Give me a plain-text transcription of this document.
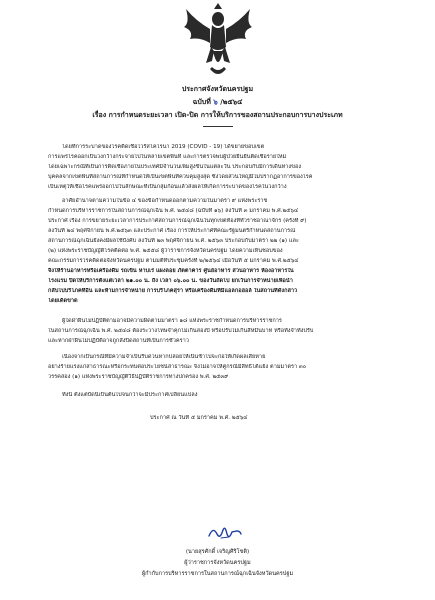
ประกาศจังหวัดนครปฐม
ฉบับที่ ๖ /๒๕๖๔
เรื่อง การกำหนดระยะเวลา เปิด-ปิด การให้บริการของสถานประกอบการบางประเภท
โดยที่การระบาดของโรคติดเชื้อไวรัสโคโรนา 2019 (COVID - 19) ได้ขยายขอบเขต
การแพร่โรคออกเป็นวงกว้างกระจายไปในหลายเขตพื้นที่ และการตรวจพบผู้ป่วยยืนยันติดเชื้อรายใหม่
โดยเฉพาะกรณีที่เป็นการติดเชื้อภายในประเทศมีจำนวนเพิ่มสูงขึ้นในแต่ละวัน ประกอบกับมีการเดินทางของ
บุคคลจากเขตพื้นที่สถานการณ์ที่กำหนดให้เป็นเขตพื้นที่ควบคุมสูงสุด ซึ่งโดยส่วนใหญ่มีไม่ปรากฏอาการของโรค
เป็นเหตุให้เชื้อโรคแพร่ออกไปในลักษณะที่เป็นกลุ่มก้อนแล้วส่งผลให้เกิดการระบาดของโรคในวงกว้าง
อาศัยอำนาจตามความในข้อ ๔ ของข้อกำหนดออกตามความในมาตรา ๙ แห่งพระราช
กำหนดการบริหารราชการในสถานการณ์ฉุกเฉิน พ.ศ. ๒๕๔๘ (ฉบับที่ ๑๖) ลงวันที่ ๓ มกราคม พ.ศ.๒๕๖๔
ประกาศ เรื่อง การขยายระยะเวลาการประกาศสถานการณ์ฉุกเฉินในทุกเขตท้องที่ทั่วราชอาณาจักร (ครั้งที่ ๙)
ลงวันที่ ๒๔ พฤศจิกายน พ.ศ.๒๕๖๓ และประกาศ เรื่อง การให้ประกาศที่คณะรัฐมนตรีกำหนดสถานการณ์
สถานการณ์ฉุกเฉินยังคงมีผลใช้บังคับ ลงวันที่ ๒๓ พฤศจิกายน พ.ศ. ๒๕๖๓ ประกอบกับมาตรา ๒๒ (๑) และ
(๒) แห่งพระราชบัญญัติโรคติดต่อ พ.ศ. ๒๕๕๘ ผู้ว่าราชการจังหวัดนครปฐม โดยความเห็นชอบของ
คณะกรรมการโรคติดต่อจังหวัดนครปฐม ตามมติที่ประชุมครั้งที่ ๒/๒๕๖๔ เมื่อวันที่ ๕ มกราคม พ.ศ.๒๕๖๔
จึงให้ร้านอาหารหรือเครื่องดื่ม รถเข็น หาบเร่ แผงลอย ภัตตาคาร ศูนย์อาหาร สวนอาหาร ห้องอาหารใน
โรงแรม ปิดให้บริการตั้งแต่เวลา ๒๑.๐๐ น. ถึง เวลา ๐๖.๐๐ น. ของวันถัดไป ยกเว้นการจำหน่ายเพื่อนำ
กลับไปบริโภคที่อื่น และห้ามการจำหน่าย การบริโภคสุรา หรือเครื่องดื่มที่มีแอลกอฮอล์ ในสถานที่ดังกล่าว
โดยเด็ดขาด
ผู้ใดฝ่าฝืนไม่ปฏิบัติตามอาจมีความผิดตามมาตรา ๑๘ แห่งพระราชกำหนดการบริหารราชการ
ในสถานการณ์ฉุกเฉิน พ.ศ. ๒๕๔๘ ต้องระวางโทษจำคุกไม่เกินสองปี หรือปรับไม่เกินสี่หมื่นบาท หรือทั้งจำทั้งปรับ
และหากฝ่าฝืนไม่ปฏิบัติอาจถูกสั่งปิดสถานที่เป็นการชั่วคราว
เนื่องจากเป็นกรณีที่มีความจำเป็นรีบด่วนหากปล่อยให้เนิ่นช้าไปจะก่อให้เกิดผลเสียหาย
อย่างร้ายแรงแก่สาธารณะหรือกระทบต่อประโยชน์สาธารณะ จึงไม่อาจให้คู่กรณีมีสิทธิโต้แย้ง ตามมาตรา ๓๐
วรรคสอง (๑) แห่งพระราชบัญญัติวิธีปฏิบัติราชการทางปกครอง พ.ศ. ๒๕๓๙
ทั้งนี้ ตั้งแต่บัดนี้เป็นต้นไปจนกว่าจะมีประกาศเปลี่ยนแปลง
ประกาศ ณ วันที่ ๕ มกราคม พ.ศ. ๒๕๖๔
(นายสุรศักดิ์ เจริญศิริโชติ)
ผู้ว่าราชการจังหวัดนครปฐม
ผู้กำกับการบริหารราชการในสถานการณ์ฉุกเฉินจังหวัดนครปฐม
